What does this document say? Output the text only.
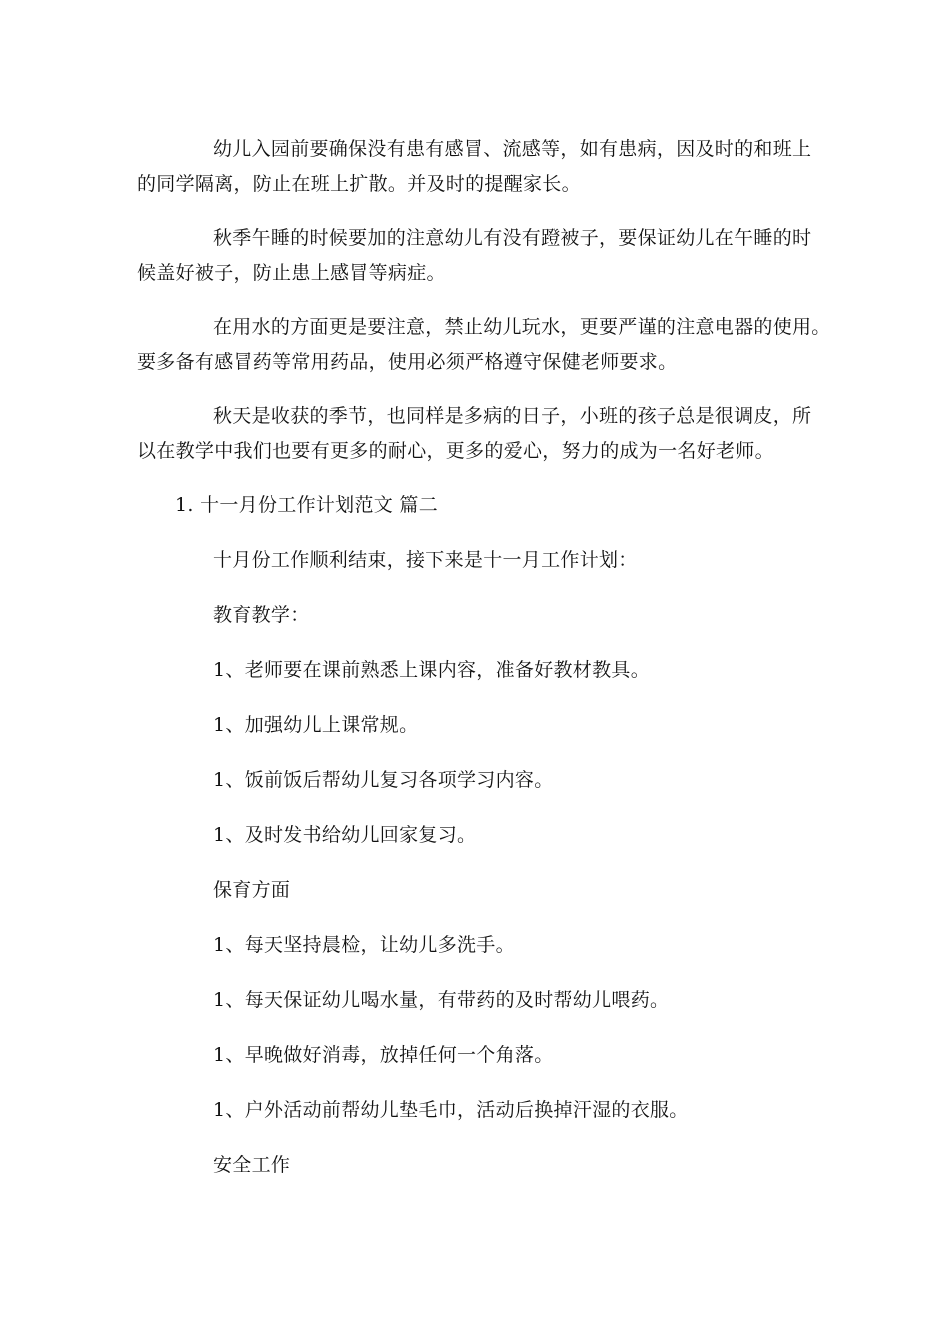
幼儿入园前要确保没有患有感冒、流感等，如有患病，因及时的和班上
的同学隔离，防止在班上扩散。并及时的提醒家长。
秋季午睡的时候要加的注意幼儿有没有蹬被子，要保证幼儿在午睡的时
候盖好被子，防止患上感冒等病症。
在用水的方面更是要注意，禁止幼儿玩水，更要严谨的注意电器的使用。
要多备有感冒药等常用药品，使用必须严格遵守保健老师要求。
秋天是收获的季节，也同样是多病的日子，小班的孩子总是很调皮，所
以在教学中我们也要有更多的耐心，更多的爱心，努力的成为一名好老师。
1. 十一月份工作计划范文 篇二
十月份工作顺利结束，接下来是十一月工作计划：
教育教学：
1、老师要在课前熟悉上课内容，准备好教材教具。
1、加强幼儿上课常规。
1、饭前饭后帮幼儿复习各项学习内容。
1、及时发书给幼儿回家复习。
保育方面
1、每天坚持晨检，让幼儿多洗手。
1、每天保证幼儿喝水量，有带药的及时帮幼儿喂药。
1、早晚做好消毒，放掉任何一个角落。
1、户外活动前帮幼儿垫毛巾，活动后换掉汗湿的衣服。
安全工作
